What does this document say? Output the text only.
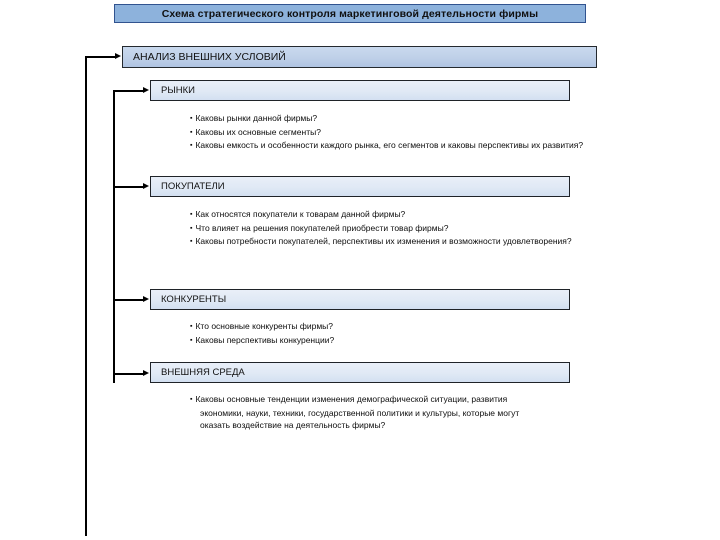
Схема стратегического контроля маркетинговой деятельности фирмы
АНАЛИЗ ВНЕШНИХ УСЛОВИЙ
РЫНКИ
▪ Каковы рынки данной фирмы?
▪ Каковы их основные сегменты?
▪ Каковы емкость и особенности каждого рынка, его сегментов и каковы перспективы их развития?
ПОКУПАТЕЛИ
▪ Как относятся покупатели к товарам данной фирмы?
▪ Что влияет на решения покупателей приобрести товар фирмы?
▪ Каковы потребности покупателей, перспективы их изменения и возможности удовлетворения?
КОНКУРЕНТЫ
▪ Кто основные конкуренты фирмы?
▪ Каковы перспективы конкуренции?
ВНЕШНЯЯ СРЕДА
▪ Каковы основные тенденции изменения демографической ситуации, развития экономики, науки, техники, государственной политики и культуры, которые могут оказать воздействие на деятельность фирмы?
